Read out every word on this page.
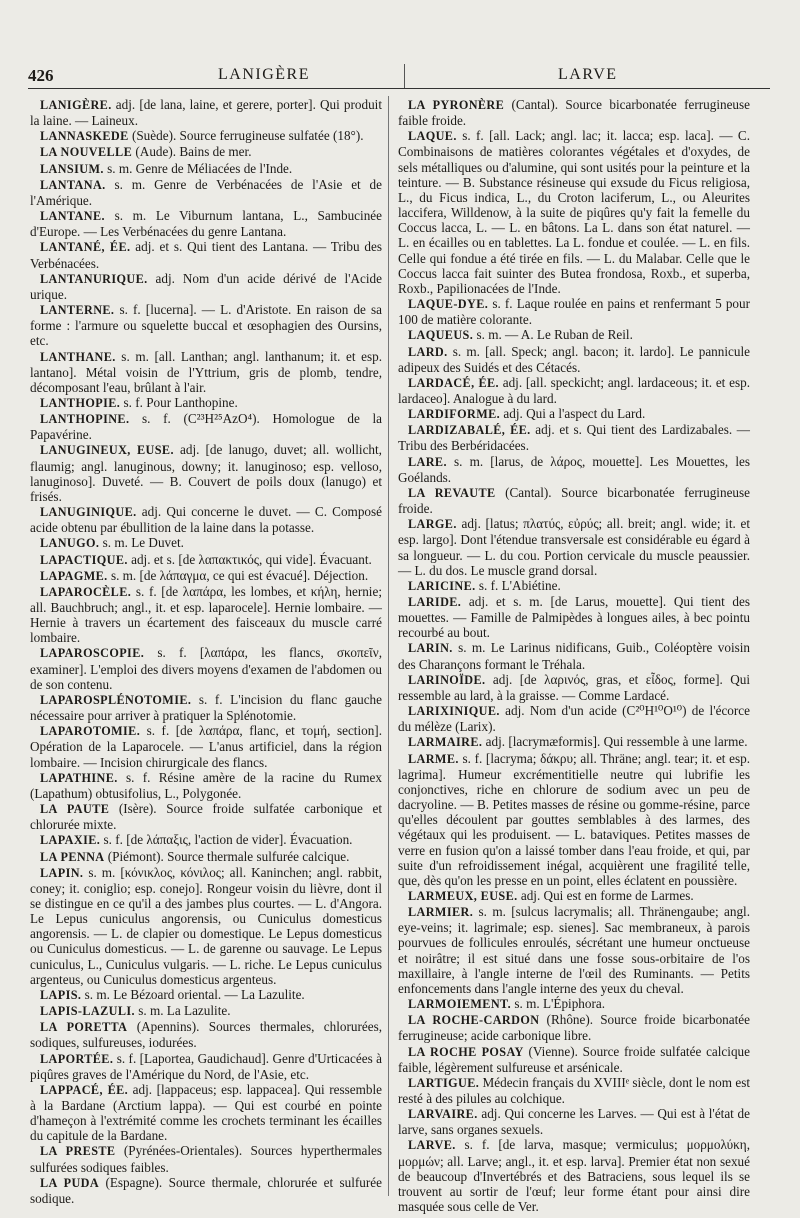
426	LANIGÈRE	LARVE

LANIGÈRE. adj. [de lana, laine, et gerere, porter]. Qui produit la laine. — Laineux.

LANNASKEDE (Suède). Source ferrugineuse sulfatée (18°).

LA NOUVELLE (Aude). Bains de mer.

LANSIUM. s. m. Genre de Méliacées de l'Inde.

LANTANA. s. m. Genre de Verbénacées de l'Asie et de l'Amérique.

LANTANE. s. m. Le Viburnum lantana, L., Sambucinée d'Europe. — Les Verbénacées du genre Lantana.

LANTANÉ, ÉE. adj. et s. Qui tient des Lantana. — Tribu des Verbénacées.

LANTANURIQUE. adj. Nom d'un acide dérivé de l'Acide urique.

LANTERNE. s. f. [lucerna]. — L. d'Aristote. En raison de sa forme : l'armure ou squelette buccal et œsophagien des Oursins, etc.

LANTHANE. s. m. [all. Lanthan; angl. lanthanum; it. et esp. lantano]. Métal voisin de l'Yttrium, gris de plomb, tendre, décomposant l'eau, brûlant à l'air.

LANTHOPIE. s. f. Pour Lanthopine.

LANTHOPINE. s. f. (C²³H²⁵AzO⁴). Homologue de la Papavérine.

LANUGINEUX, EUSE. adj. [de lanugo, duvet; all. wollicht, flaumig; angl. lanuginous, downy; it. lanuginoso; esp. velloso, lanuginoso]. Duveté. — B. Couvert de poils doux (lanugo) et frisés.

LANUGINIQUE. adj. Qui concerne le duvet. — C. Composé acide obtenu par ébullition de la laine dans la potasse.

LANUGO. s. m. Le Duvet.

LAPACTIQUE. adj. et s. [de λαπακτικός, qui vide]. Évacuant.

LAPAGME. s. m. [de λάπαγμα, ce qui est évacué]. Déjection.

LAPAROCÈLE. s. f. [de λαπάρα, les lombes, et κήλη, hernie; all. Bauchbruch; angl., it. et esp. laparocele]. Hernie lombaire. — Hernie à travers un écartement des faisceaux du muscle carré lombaire.

LAPAROSCOPIE. s. f. [λαπάρα, les flancs, σκοπεῖν, examiner]. L'emploi des divers moyens d'examen de l'abdomen ou de son contenu.

LAPAROSPLÉNOTOMIE. s. f. L'incision du flanc gauche nécessaire pour arriver à pratiquer la Splénotomie.

LAPAROTOMIE. s. f. [de λαπάρα, flanc, et τομή, section]. Opération de la Laparocele. — L'anus artificiel, dans la région lombaire. — Incision chirurgicale des flancs.

LAPATHINE. s. f. Résine amère de la racine du Rumex (Lapathum) obtusifolius, L., Polygonée.

LA PAUTE (Isère). Source froide sulfatée carbonique et chlorurée mixte.

LAPAXIE. s. f. [de λάπαξις, l'action de vider]. Évacuation.

LA PENNA (Piémont). Source thermale sulfurée calcique.

LAPIN. s. m. [κόνικλος, κόνιλος; all. Kaninchen; angl. rabbit, coney; it. coniglio; esp. conejo]. Rongeur voisin du lièvre, dont il se distingue en ce qu'il a des jambes plus courtes. — L. d'Angora. Le Lepus cuniculus angorensis, ou Cuniculus domesticus angorensis. — L. de clapier ou domestique. Le Lepus domesticus ou Cuniculus domesticus. — L. de garenne ou sauvage. Le Lepus cuniculus, L., Cuniculus vulgaris. — L. riche. Le Lepus cuniculus argenteus, ou Cuniculus domesticus argenteus.

LAPIS. s. m. Le Bézoard oriental. — La Lazulite.

LAPIS-LAZULI. s. m. La Lazulite.

LA PORETTA (Apennins). Sources thermales, chlorurées, sodiques, sulfureuses, iodurées.

LAPORTÉE. s. f. [Laportea, Gaudichaud]. Genre d'Urticacées à piqûres graves de l'Amérique du Nord, de l'Asie, etc.

LAPPACÉ, ÉE. adj. [lappaceus; esp. lappacea]. Qui ressemble à la Bardane (Arctium lappa). — Qui est courbé en pointe d'hameçon à l'extrémité comme les crochets terminant les écailles du capitule de la Bardane.

LA PRESTE (Pyrénées-Orientales). Sources hyperthermales sulfurées sodiques faibles.

LA PUDA (Espagne). Source thermale, chlorurée et sulfurée sodique.

LA PYRONÈRE (Cantal). Source bicarbonatée ferrugineuse faible froide.

LAQUE. s. f. [all. Lack; angl. lac; it. lacca; esp. laca]. — C. Combinaisons de matières colorantes végétales et d'oxydes, de sels métalliques ou d'alumine, qui sont usités pour la peinture et la teinture. — B. Substance résineuse qui exsude du Ficus religiosa, L., du Ficus indica, L., du Croton laciferum, L., ou Aleurites laccifera, Willdenow, à la suite de piqûres qu'y fait la femelle du Coccus lacca, L. — L. en bâtons. La L. dans son état naturel. — L. en écailles ou en tablettes. La L. fondue et coulée. — L. en fils. Celle qui fondue a été tirée en fils. — L. du Malabar. Celle que le Coccus lacca fait suinter des Butea frondosa, Roxb., et superba, Roxb., Papilionacées de l'Inde.

LAQUE-DYE. s. f. Laque roulée en pains et renfermant 5 pour 100 de matière colorante.

LAQUEUS. s. m. — A. Le Ruban de Reil.

LARD. s. m. [all. Speck; angl. bacon; it. lardo]. Le pannicule adipeux des Suidés et des Cétacés.

LARDACÉ, ÉE. adj. [all. speckicht; angl. lardaceous; it. et esp. lardaceo]. Analogue à du lard.

LARDIFORME. adj. Qui a l'aspect du Lard.

LARDIZABALÉ, ÉE. adj. et s. Qui tient des Lardizabales. — Tribu des Berbéridacées.

LARE. s. m. [larus, de λάρος, mouette]. Les Mouettes, les Goélands.

LA REVAUTE (Cantal). Source bicarbonatée ferrugineuse froide.

LARGE. adj. [latus; πλατύς, εὐρύς; all. breit; angl. wide; it. et esp. largo]. Dont l'étendue transversale est considérable eu égard à sa longueur. — L. du cou. Portion cervicale du muscle peaussier. — L. du dos. Le muscle grand dorsal.

LARICINE. s. f. L'Abiétine.

LARIDE. adj. et s. m. [de Larus, mouette]. Qui tient des mouettes. — Famille de Palmipèdes à longues ailes, à bec pointu recourbé au bout.

LARIN. s. m. Le Larinus nidificans, Guib., Coléoptère voisin des Charançons formant le Tréhala.

LARINOÏDE. adj. [de λαρινός, gras, et εἶδος, forme]. Qui ressemble au lard, à la graisse. — Comme Lardacé.

LARIXINIQUE. adj. Nom d'un acide (C²⁰H¹⁰O¹⁰) de l'écorce du mélèze (Larix).

LARMAIRE. adj. [lacrymæformis]. Qui ressemble à une larme.

LARME. s. f. [lacryma; δάκρυ; all. Thräne; angl. tear; it. et esp. lagrima]. Humeur excrémentitielle neutre qui lubrifie les conjonctives, riche en chlorure de sodium avec un peu de dacryoline. — B. Petites masses de résine ou gomme-résine, parce qu'elles découlent par gouttes semblables à des larmes, des végétaux qui les produisent. — L. bataviques. Petites masses de verre en fusion qu'on a laissé tomber dans l'eau froide, et qui, par suite d'un refroidissement inégal, acquièrent une fragilité telle, que, dès qu'on les presse en un point, elles éclatent en poussière.

LARMEUX, EUSE. adj. Qui est en forme de Larmes.

LARMIER. s. m. [sulcus lacrymalis; all. Thränengaube; angl. eye-veins; it. lagrimale; esp. sienes]. Sac membraneux, à parois pourvues de follicules enroulés, sécrétant une humeur onctueuse et noirâtre; il est situé dans une fosse sous-orbitaire de l'os maxillaire, à l'angle interne de l'œil des Ruminants. — Petits enfoncements dans l'angle interne des yeux du cheval.

LARMOIEMENT. s. m. L'Épiphora.

LA ROCHE-CARDON (Rhône). Source froide bicarbonatée ferrugineuse; acide carbonique libre.

LA ROCHE POSAY (Vienne). Source froide sulfatée calcique faible, légèrement sulfureuse et arsénicale.

LARTIGUE. Médecin français du XVIIIᵉ siècle, dont le nom est resté à des pilules au colchique.

LARVAIRE. adj. Qui concerne les Larves. — Qui est à l'état de larve, sans organes sexuels.

LARVE. s. f. [de larva, masque; vermiculus; μορμολύκη, μορμών; all. Larve; angl., it. et esp. larva]. Premier état non sexué de beaucoup d'Invertébrés et des Batraciens, sous lequel ils se trouvent au sortir de l'œuf; leur forme étant pour ainsi dire masquée sous celle de Ver.
